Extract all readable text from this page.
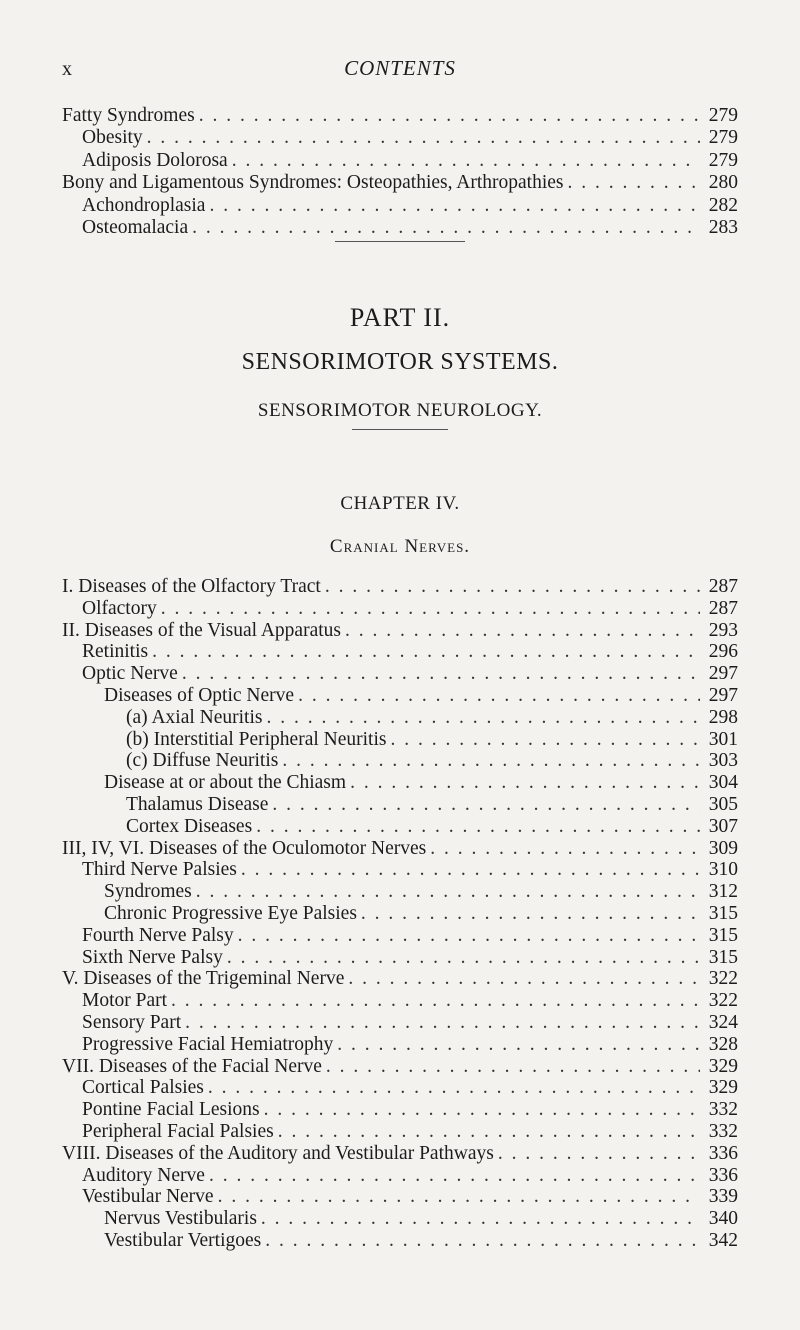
x	CONTENTS
Fatty Syndromes . . .	279
Obesity . . .	279
Adiposis Dolorosa . . .	279
Bony and Ligamentous Syndromes: Osteopathies, Arthropathies . . .	280
Achondroplasia . . .	282
Osteomalacia . . .	283
PART II.
SENSORIMOTOR SYSTEMS.
SENSORIMOTOR NEUROLOGY.
CHAPTER IV.
Cranial Nerves.
I. Diseases of the Olfactory Tract . . .	287
Olfactory . . .	287
II. Diseases of the Visual Apparatus . . .	293
Retinitis . . .	296
Optic Nerve . . .	297
Diseases of Optic Nerve . . .	297
(a) Axial Neuritis . . .	298
(b) Interstitial Peripheral Neuritis . . .	301
(c) Diffuse Neuritis . . .	303
Disease at or about the Chiasm . . .	304
Thalamus Disease . . .	305
Cortex Diseases . . .	307
III, IV, VI. Diseases of the Oculomotor Nerves . . .	309
Third Nerve Palsies . . .	310
Syndromes . . .	312
Chronic Progressive Eye Palsies . . .	315
Fourth Nerve Palsy . . .	315
Sixth Nerve Palsy . . .	315
V. Diseases of the Trigeminal Nerve . . .	322
Motor Part . . .	322
Sensory Part . . .	324
Progressive Facial Hemiatrophy . . .	328
VII. Diseases of the Facial Nerve . . .	329
Cortical Palsies . . .	329
Pontine Facial Lesions . . .	332
Peripheral Facial Palsies . . .	332
VIII. Diseases of the Auditory and Vestibular Pathways . . .	336
Auditory Nerve . . .	336
Vestibular Nerve . . .	339
Nervus Vestibularis . . .	340
Vestibular Vertigoes . . .	342
